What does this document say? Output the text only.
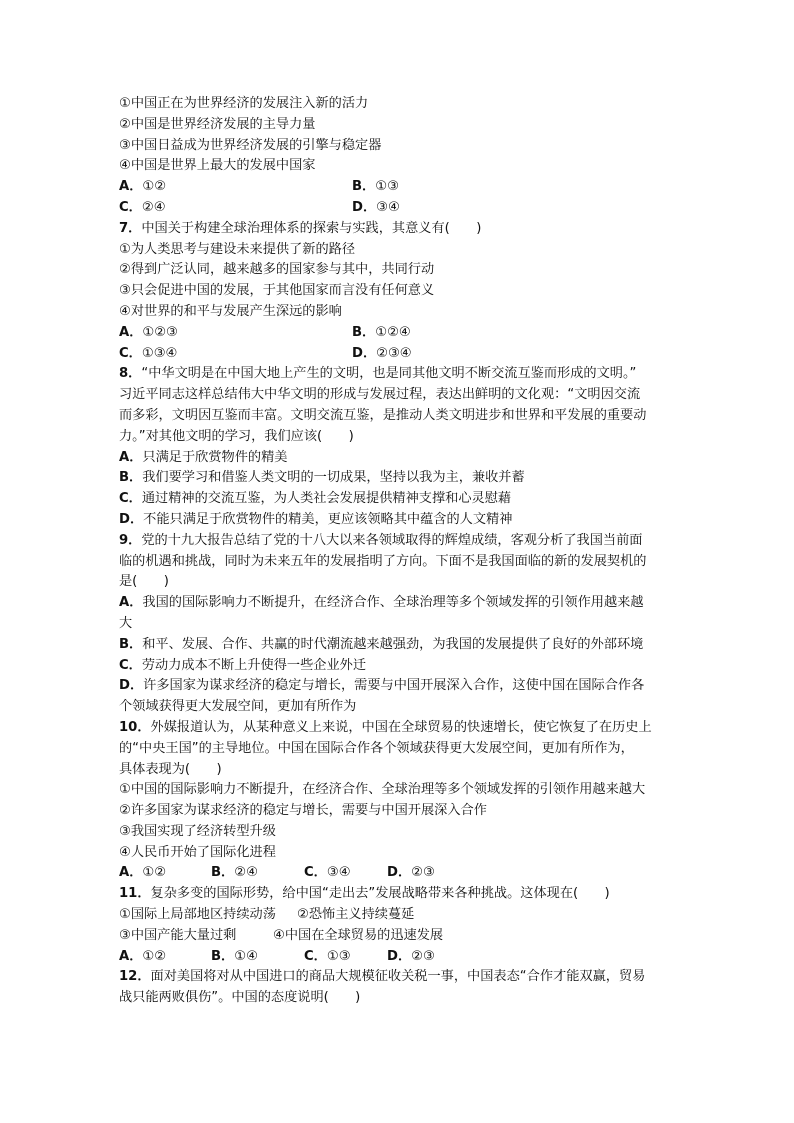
①中国正在为世界经济的发展注入新的活力
②中国是世界经济发展的主导力量
③中国日益成为世界经济发展的引擎与稳定器
④中国是世界上最大的发展中国家
A．①②	B．①③
C．②④	D．③④
7．中国关于构建全球治理体系的探索与实践，其意义有(　　)
①为人类思考与建设未来提供了新的路径
②得到广泛认同，越来越多的国家参与其中，共同行动
③只会促进中国的发展，于其他国家而言没有任何意义
④对世界的和平与发展产生深远的影响
A．①②③	B．①②④
C．①③④	D．②③④
8．“中华文明是在中国大地上产生的文明，也是同其他文明不断交流互鉴而形成的文明。”
习近平同志这样总结伟大中华文明的形成与发展过程，表达出鲜明的文化观：“文明因交流
而多彩，文明因互鉴而丰富。文明交流互鉴，是推动人类文明进步和世界和平发展的重要动
力。”对其他文明的学习，我们应该(　　)
A．只满足于欣赏物件的精美
B．我们要学习和借鉴人类文明的一切成果，坚持以我为主，兼收并蓄
C．通过精神的交流互鉴，为人类社会发展提供精神支撑和心灵慰藉
D．不能只满足于欣赏物件的精美，更应该领略其中蕴含的人文精神
9．党的十九大报告总结了党的十八大以来各领域取得的辉煌成绩，客观分析了我国当前面
临的机遇和挑战，同时为未来五年的发展指明了方向。下面不是我国面临的新的发展契机的
是(　　)
A．我国的国际影响力不断提升，在经济合作、全球治理等多个领域发挥的引领作用越来越
大
B．和平、发展、合作、共赢的时代潮流越来越强劲，为我国的发展提供了良好的外部环境
C．劳动力成本不断上升使得一些企业外迁
D．许多国家为谋求经济的稳定与增长，需要与中国开展深入合作，这使中国在国际合作各
个领域获得更大发展空间，更加有所作为
10．外媒报道认为，从某种意义上来说，中国在全球贸易的快速增长，使它恢复了在历史上
的“中央王国”的主导地位。中国在国际合作各个领域获得更大发展空间，更加有所作为，
具体表现为(　　)
①中国的国际影响力不断提升，在经济合作、全球治理等多个领域发挥的引领作用越来越大
②许多国家为谋求经济的稳定与增长，需要与中国开展深入合作
③我国实现了经济转型升级
④人民币开始了国际化进程
A．①②	B．②④	C．③④	D．②③
11．复杂多变的国际形势，给中国“走出去”发展战略带来各种挑战。这体现在(　　)
①国际上局部地区持续动荡 ②恐怖主义持续蔓延
③中国产能大量过剩	④中国在全球贸易的迅速发展
A．①②	B．①④	C．①③	D．②③
12．面对美国将对从中国进口的商品大规模征收关税一事，中国表态“合作才能双赢，贸易
战只能两败俱伤”。中国的态度说明(　　)
